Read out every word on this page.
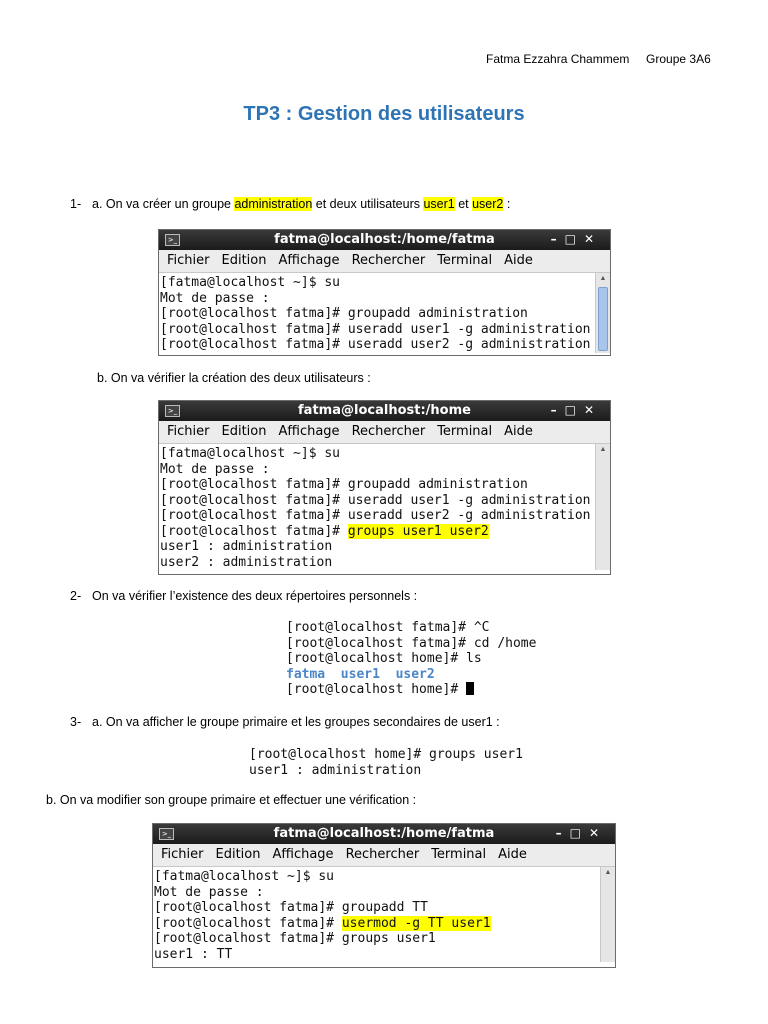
Fatma Ezzahra Chammem Groupe 3A6
TP3 : Gestion des utilisateurs
1- a. On va créer un groupe administration et deux utilisateurs user1 et user2 :
>_	fatma@localhost:/home/fatma	–□✕
Fichier Edition Affichage Rechercher Terminal Aide
[fatma@localhost ~]$ su
Mot de passe :
[root@localhost fatma]# groupadd administration
[root@localhost fatma]# useradd user1 -g administration
[root@localhost fatma]# useradd user2 -g administration
▲
b. On va vérifier la création des deux utilisateurs :
>_	fatma@localhost:/home	–□✕
Fichier Edition Affichage Rechercher Terminal Aide
[fatma@localhost ~]$ su
Mot de passe :
[root@localhost fatma]# groupadd administration
[root@localhost fatma]# useradd user1 -g administration
[root@localhost fatma]# useradd user2 -g administration
[root@localhost fatma]# groups user1 user2
user1 : administration
user2 : administration
▲
2- On va vérifier l’existence des deux répertoires personnels :
[root@localhost fatma]# ^C
[root@localhost fatma]# cd /home
[root@localhost home]# ls
fatma  user1  user2
[root@localhost home]#
3- a. On va afficher le groupe primaire et les groupes secondaires de user1 :
[root@localhost home]# groups user1
user1 : administration
b. On va modifier son groupe primaire et effectuer une vérification :
>_	fatma@localhost:/home/fatma	–□✕
Fichier Edition Affichage Rechercher Terminal Aide
[fatma@localhost ~]$ su
Mot de passe :
[root@localhost fatma]# groupadd TT
[root@localhost fatma]# usermod -g TT user1
[root@localhost fatma]# groups user1
user1 : TT
▲
